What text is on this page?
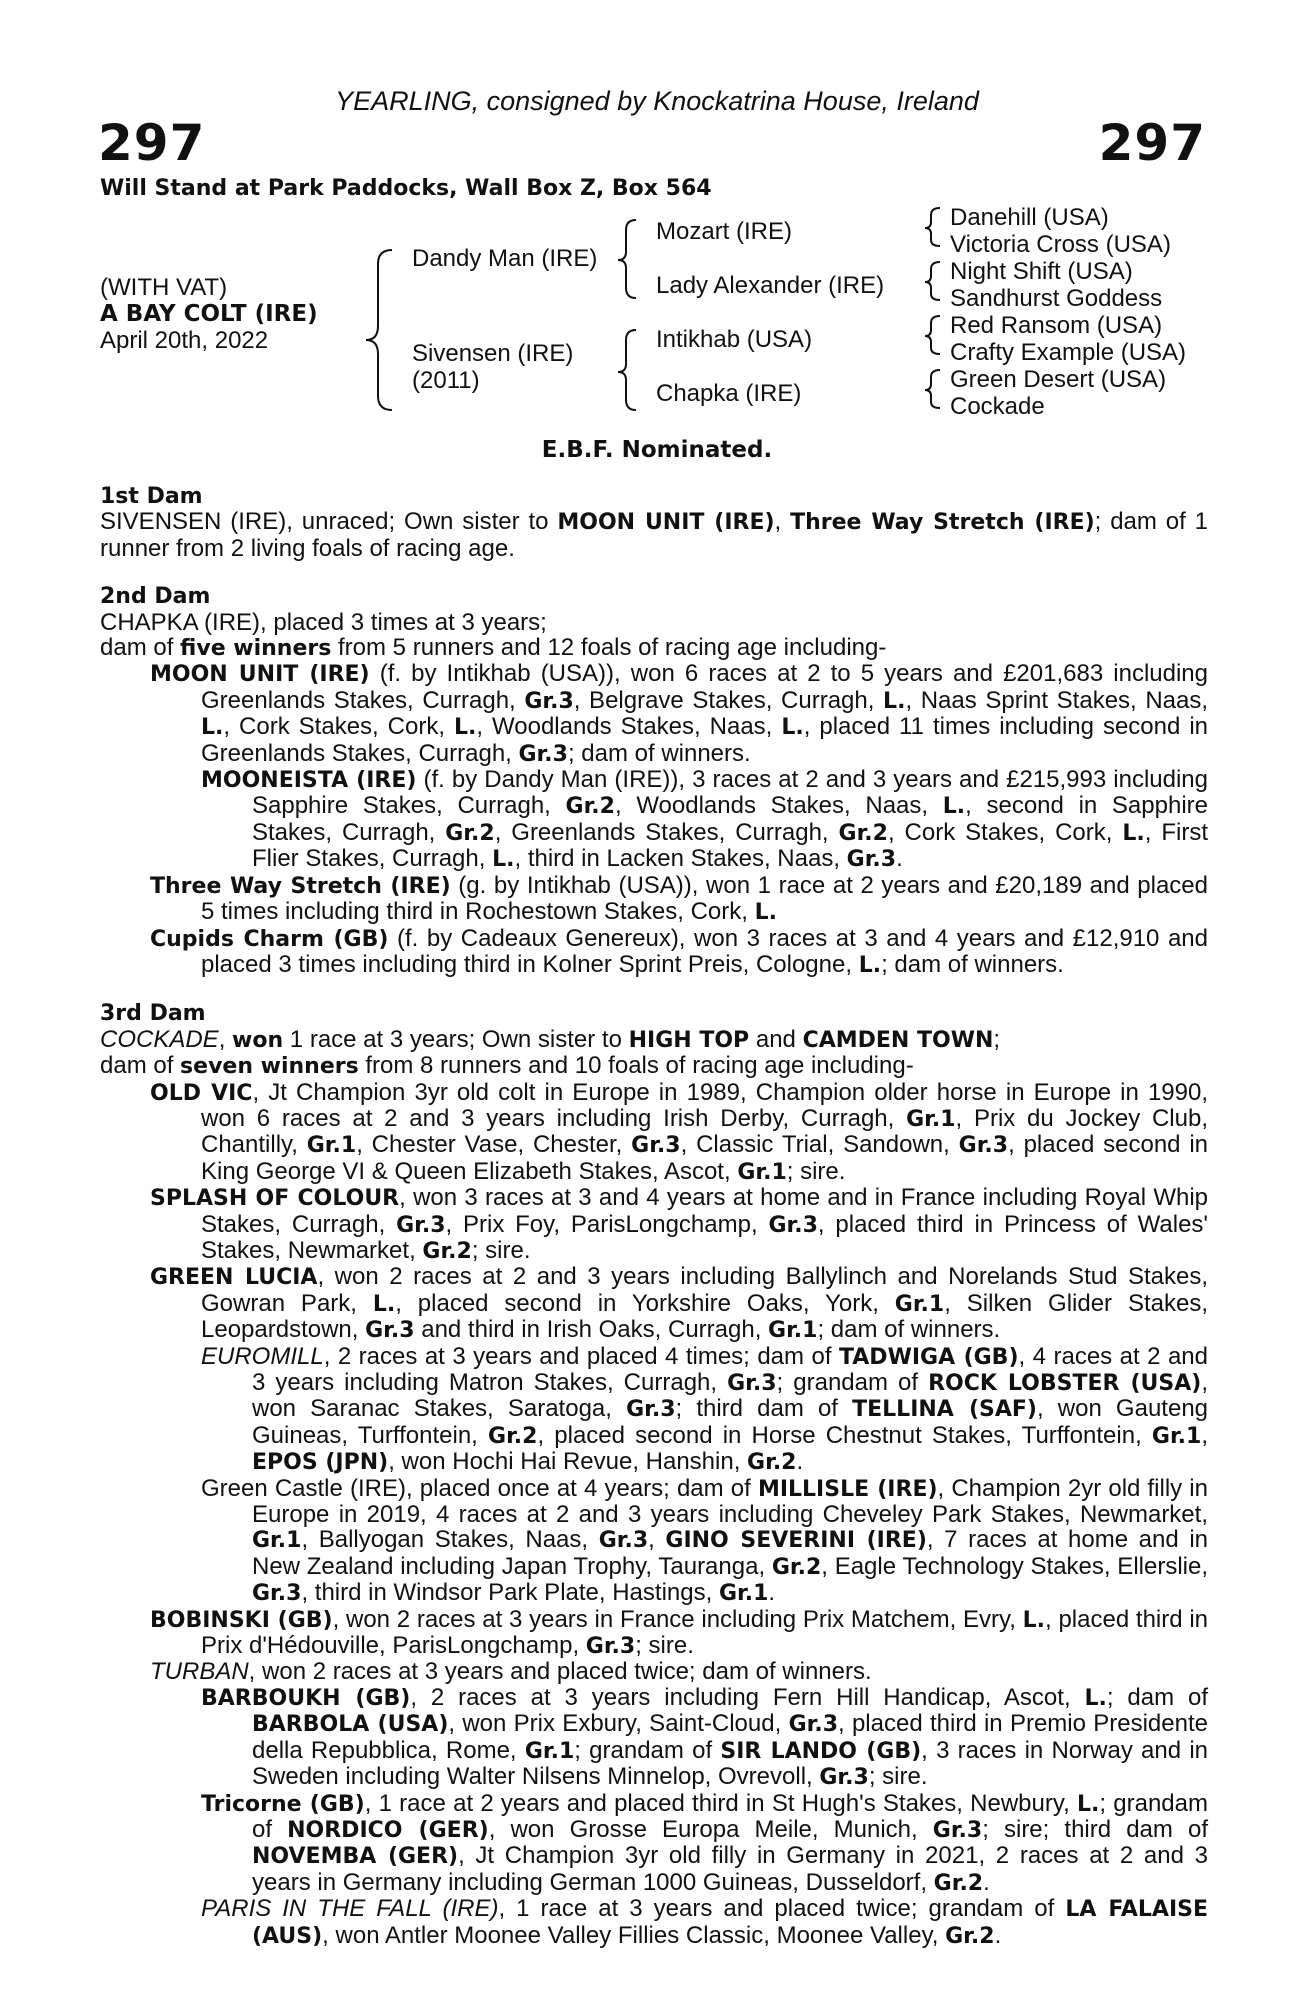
YEARLING, consigned by Knockatrina House, Ireland
297	297
Will Stand at Park Paddocks, Wall Box Z, Box 564
(WITH VAT)
A BAY COLT (IRE)
April 20th, 2022
Dandy Man (IRE)
Sivensen (IRE)
(2011)
Mozart (IRE)
Lady Alexander (IRE)
Intikhab (USA)
Chapka (IRE)
Danehill (USA)
Victoria Cross (USA)
Night Shift (USA)
Sandhurst Goddess
Red Ransom (USA)
Crafty Example (USA)
Green Desert (USA)
Cockade
E.B.F. Nominated.

1st Dam

SIVENSEN (IRE), unraced; Own sister to MOON UNIT (IRE), Three Way Stretch (IRE); dam of 1 runner from 2 living foals of racing age.

2nd Dam

CHAPKA (IRE), placed 3 times at 3 years;

dam of five winners from 5 runners and 12 foals of racing age including-

MOON UNIT (IRE) (f. by Intikhab (USA)), won 6 races at 2 to 5 years and £201,683 including Greenlands Stakes, Curragh, Gr.3, Belgrave Stakes, Curragh, L., Naas Sprint Stakes, Naas, L., Cork Stakes, Cork, L., Woodlands Stakes, Naas, L., placed 11 times including second in Greenlands Stakes, Curragh, Gr.3; dam of winners.

MOONEISTA (IRE) (f. by Dandy Man (IRE)), 3 races at 2 and 3 years and £215,993 including Sapphire Stakes, Curragh, Gr.2, Woodlands Stakes, Naas, L., second in Sapphire Stakes, Curragh, Gr.2, Greenlands Stakes, Curragh, Gr.2, Cork Stakes, Cork, L., First Flier Stakes, Curragh, L., third in Lacken Stakes, Naas, Gr.3.

Three Way Stretch (IRE) (g. by Intikhab (USA)), won 1 race at 2 years and £20,189 and placed 5 times including third in Rochestown Stakes, Cork, L.

Cupids Charm (GB) (f. by Cadeaux Genereux), won 3 races at 3 and 4 years and £12,910 and placed 3 times including third in Kolner Sprint Preis, Cologne, L.; dam of winners.

3rd Dam

COCKADE, won 1 race at 3 years; Own sister to HIGH TOP and CAMDEN TOWN;

dam of seven winners from 8 runners and 10 foals of racing age including-

OLD VIC, Jt Champion 3yr old colt in Europe in 1989, Champion older horse in Europe in 1990, won 6 races at 2 and 3 years including Irish Derby, Curragh, Gr.1, Prix du Jockey Club, Chantilly, Gr.1, Chester Vase, Chester, Gr.3, Classic Trial, Sandown, Gr.3, placed second in King George VI & Queen Elizabeth Stakes, Ascot, Gr.1; sire.

SPLASH OF COLOUR, won 3 races at 3 and 4 years at home and in France including Royal Whip Stakes, Curragh, Gr.3, Prix Foy, ParisLongchamp, Gr.3, placed third in Princess of Wales' Stakes, Newmarket, Gr.2; sire.

GREEN LUCIA, won 2 races at 2 and 3 years including Ballylinch and Norelands Stud Stakes, Gowran Park, L., placed second in Yorkshire Oaks, York, Gr.1, Silken Glider Stakes, Leopardstown, Gr.3 and third in Irish Oaks, Curragh, Gr.1; dam of winners.

EUROMILL, 2 races at 3 years and placed 4 times; dam of TADWIGA (GB), 4 races at 2 and 3 years including Matron Stakes, Curragh, Gr.3; grandam of ROCK LOBSTER (USA), won Saranac Stakes, Saratoga, Gr.3; third dam of TELLINA (SAF), won Gauteng Guineas, Turffontein, Gr.2, placed second in Horse Chestnut Stakes, Turffontein, Gr.1, EPOS (JPN), won Hochi Hai Revue, Hanshin, Gr.2.

Green Castle (IRE), placed once at 4 years; dam of MILLISLE (IRE), Champion 2yr old filly in Europe in 2019, 4 races at 2 and 3 years including Cheveley Park Stakes, Newmarket, Gr.1, Ballyogan Stakes, Naas, Gr.3, GINO SEVERINI (IRE), 7 races at home and in New Zealand including Japan Trophy, Tauranga, Gr.2, Eagle Technology Stakes, Ellerslie, Gr.3, third in Windsor Park Plate, Hastings, Gr.1.

BOBINSKI (GB), won 2 races at 3 years in France including Prix Matchem, Evry, L., placed third in Prix d'Hédouville, ParisLongchamp, Gr.3; sire.

TURBAN, won 2 races at 3 years and placed twice; dam of winners.

BARBOUKH (GB), 2 races at 3 years including Fern Hill Handicap, Ascot, L.; dam of BARBOLA (USA), won Prix Exbury, Saint-Cloud, Gr.3, placed third in Premio Presidente della Repubblica, Rome, Gr.1; grandam of SIR LANDO (GB), 3 races in Norway and in Sweden including Walter Nilsens Minnelop, Ovrevoll, Gr.3; sire.

Tricorne (GB), 1 race at 2 years and placed third in St Hugh's Stakes, Newbury, L.; grandam of NORDICO (GER), won Grosse Europa Meile, Munich, Gr.3; sire; third dam of NOVEMBA (GER), Jt Champion 3yr old filly in Germany in 2021, 2 races at 2 and 3 years in Germany including German 1000 Guineas, Dusseldorf, Gr.2.

PARIS IN THE FALL (IRE), 1 race at 3 years and placed twice; grandam of LA FALAISE (AUS), won Antler Moonee Valley Fillies Classic, Moonee Valley, Gr.2.
